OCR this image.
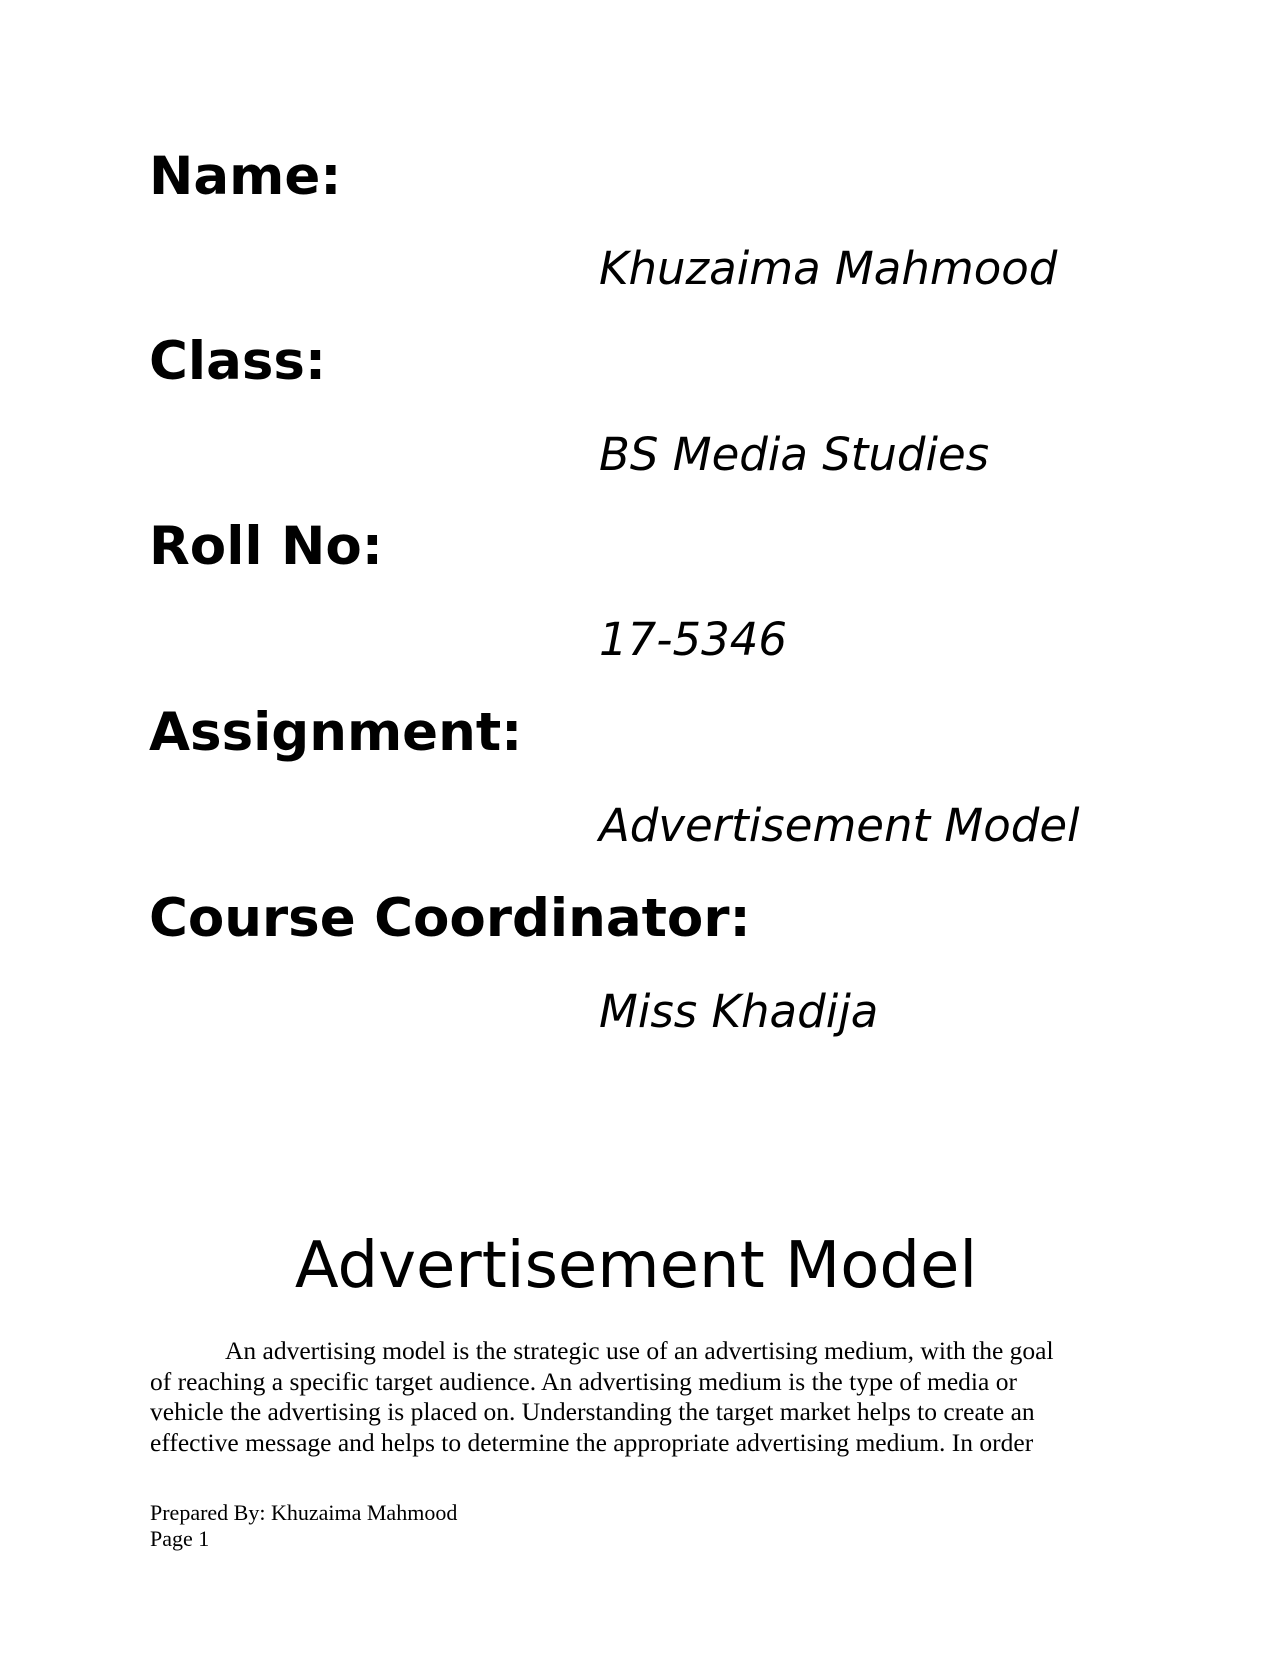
Name:

Khuzaima Mahmood

Class:

BS Media Studies

Roll No:

17-5346

Assignment:

Advertisement Model

Course Coordinator:

Miss Khadija

Advertisement Model

An advertising model is the strategic use of an advertising medium, with the goal
of reaching a specific target audience. An advertising medium is the type of media or
vehicle the advertising is placed on. Understanding the target market helps to create an
effective message and helps to determine the appropriate advertising medium. In order

Prepared By: Khuzaima Mahmood
Page 1
